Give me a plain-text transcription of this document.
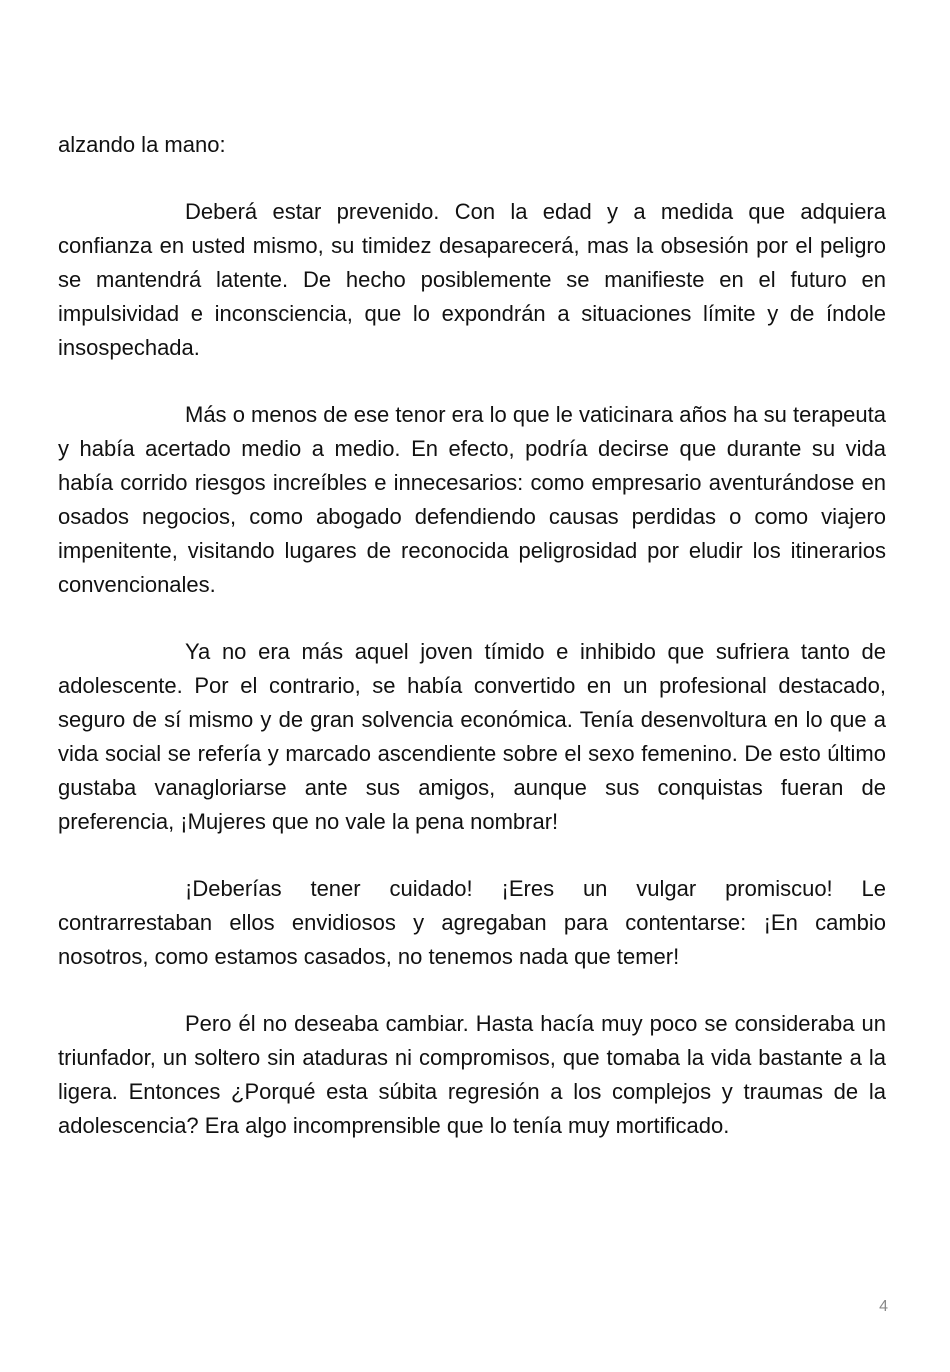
alzando la mano:

Deberá estar prevenido. Con la edad y a medida que adquiera confianza en usted mismo, su timidez desaparecerá, mas la obsesión por el peligro se mantendrá latente. De hecho posiblemente se manifieste en el futuro en impulsividad e inconsciencia, que lo expondrán a situaciones límite y de índole insospechada.

Más o menos de ese tenor era lo que le vaticinara años ha su terapeuta y había acertado medio a medio. En efecto, podría decirse que durante su vida había corrido riesgos increíbles e innecesarios: como empresario aventurándose en osados negocios, como abogado defendiendo causas perdidas o como viajero impenitente, visitando lugares de reconocida peligrosidad por eludir los itinerarios convencionales.

Ya no era más aquel joven tímido e inhibido que sufriera tanto de adolescente. Por el contrario, se había convertido en un profesional destacado, seguro de sí mismo y de gran solvencia económica. Tenía desenvoltura en lo que a vida social se refería y marcado ascendiente sobre el sexo femenino. De esto último gustaba vanagloriarse ante sus amigos, aunque sus conquistas fueran de preferencia, ¡Mujeres que no vale la pena nombrar!

¡Deberías tener cuidado! ¡Eres un vulgar promiscuo! Le contrarrestaban ellos envidiosos y agregaban para contentarse: ¡En cambio nosotros, como estamos casados, no tenemos nada que temer!

Pero él no deseaba cambiar. Hasta hacía muy poco se consideraba un triunfador, un soltero sin ataduras ni compromisos, que tomaba la vida bastante a la ligera. Entonces ¿Porqué esta súbita regresión a los complejos y traumas de la adolescencia? Era algo incomprensible que lo tenía muy mortificado.

4
